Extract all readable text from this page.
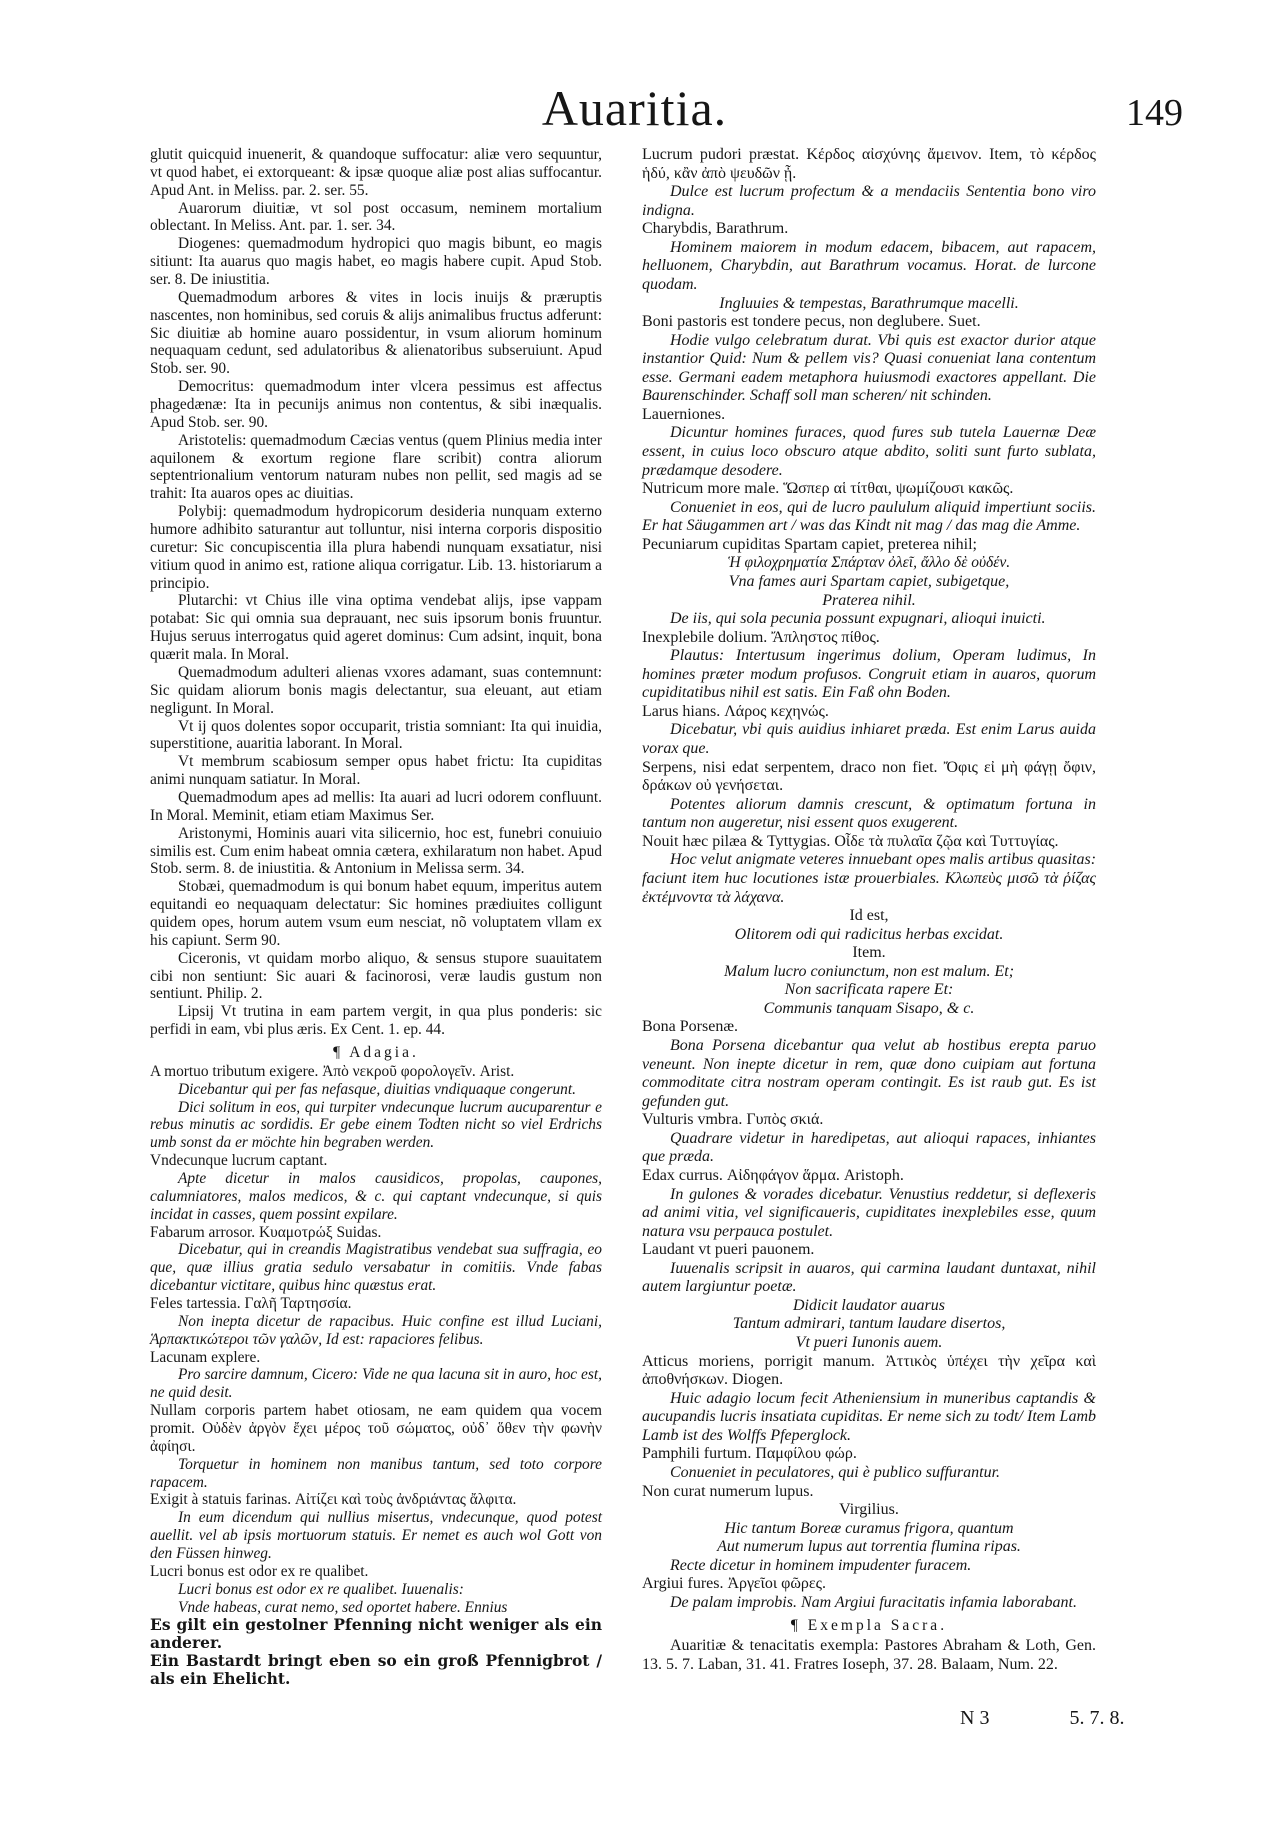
Auaritia.	149

glutit quicquid inuenerit, & quandoque suffocatur: aliæ vero sequuntur, vt quod habet, ei extorqueant: & ipsæ quoque aliæ post alias suffocantur. Apud Ant. in Meliss. par. 2. ser. 55.

Auarorum diuitiæ, vt sol post occasum, neminem mortalium oblectant. In Meliss. Ant. par. 1. ser. 34.

Diogenes: quemadmodum hydropici quo magis bibunt, eo magis sitiunt: Ita auarus quo magis habet, eo magis habere cupit. Apud Stob. ser. 8. De iniustitia.

Quemadmodum arbores & vites in locis inuijs & præruptis nascentes, non hominibus, sed coruis & alijs animalibus fructus adferunt: Sic diuitiæ ab homine auaro possidentur, in vsum aliorum hominum nequaquam cedunt, sed adulatoribus & alienatoribus subseruiunt. Apud Stob. ser. 90.

Democritus: quemadmodum inter vlcera pessimus est affectus phagedænæ: Ita in pecunijs animus non contentus, & sibi inæqualis. Apud Stob. ser. 90.

Aristotelis: quemadmodum Cæcias ventus (quem Plinius media inter aquilonem & exortum regione flare scribit) contra aliorum septentrionalium ventorum naturam nubes non pellit, sed magis ad se trahit: Ita auaros opes ac diuitias.

Polybij: quemadmodum hydropicorum desideria nunquam externo humore adhibito saturantur aut tolluntur, nisi interna corporis dispositio curetur: Sic concupiscentia illa plura habendi nunquam exsatiatur, nisi vitium quod in animo est, ratione aliqua corrigatur. Lib. 13. historiarum a principio.

Plutarchi: vt Chius ille vina optima vendebat alijs, ipse vappam potabat: Sic qui omnia sua deprauant, nec suis ipsorum bonis fruuntur. Hujus seruus interrogatus quid ageret dominus: Cum adsint, inquit, bona quærit mala. In Moral.

Quemadmodum adulteri alienas vxores adamant, suas contemnunt: Sic quidam aliorum bonis magis delectantur, sua eleuant, aut etiam negligunt. In Moral.

Vt ij quos dolentes sopor occuparit, tristia somniant: Ita qui inuidia, superstitione, auaritia laborant. In Moral.

Vt membrum scabiosum semper opus habet frictu: Ita cupiditas animi nunquam satiatur. In Moral.

Quemadmodum apes ad mellis: Ita auari ad lucri odorem confluunt. In Moral. Meminit, etiam etiam Maximus Ser.

Aristonymi, Hominis auari vita silicernio, hoc est, funebri conuiuio similis est. Cum enim habeat omnia cætera, exhilaratum non habet. Apud Stob. serm. 8. de iniustitia. & Antonium in Melissa serm. 34.

Stobæi, quemadmodum is qui bonum habet equum, imperitus autem equitandi eo nequaquam delectatur: Sic homines prædiuites colligunt quidem opes, horum autem vsum eum nesciat, nõ voluptatem vllam ex his capiunt. Serm 90.

Ciceronis, vt quidam morbo aliquo, & sensus stupore suauitatem cibi non sentiunt: Sic auari & facinorosi, veræ laudis gustum non sentiunt. Philip. 2.

Lipsij Vt trutina in eam partem vergit, in qua plus ponderis: sic perfidi in eam, vbi plus æris. Ex Cent. 1. ep. 44.

¶ Adagia.

A mortuo tributum exigere. Ἀπὸ νεκροῦ φορολογεῖν. Arist.

Dicebantur qui per fas nefasque, diuitias vndiquaque congerunt.

Dici solitum in eos, qui turpiter vndecunque lucrum aucuparentur e rebus minutis ac sordidis. Er gebe einem Todten nicht so viel Erdrichs umb sonst da er möchte hin begraben werden.

Vndecunque lucrum captant.

Apte dicetur in malos causidicos, propolas, caupones, calumniatores, malos medicos, & c. qui captant vndecunque, si quis incidat in casses, quem possint expilare.

Fabarum arrosor. Κυαμοτρώξ Suidas.

Dicebatur, qui in creandis Magistratibus vendebat sua suffragia, eo que, quæ illius gratia sedulo versabatur in comitiis. Vnde fabas dicebantur victitare, quibus hinc quæstus erat.

Feles tartessia. Γαλῆ Ταρτησσία.

Non inepta dicetur de rapacibus. Huic confine est illud Luciani, Ἁρπακτικώτεροι τῶν γαλῶν, Id est: rapaciores felibus.

Lacunam explere.

Pro sarcire damnum, Cicero: Vide ne qua lacuna sit in auro, hoc est, ne quid desit.

Nullam corporis partem habet otiosam, ne eam quidem qua vocem promit. Οὐδὲν ἀργὸν ἔχει μέρος τοῦ σώματος, οὐδ᾽ ὅθεν τὴν φωνὴν ἀφίησι.

Torquetur in hominem non manibus tantum, sed toto corpore rapacem.

Exigit à statuis farinas. Αἰτίζει καὶ τοὺς ἀνδριάντας ἄλφιτα.

In eum dicendum qui nullius misertus, vndecunque, quod potest auellit. vel ab ipsis mortuorum statuis. Er nemet es auch wol Gott von den Füssen hinweg.

Lucri bonus est odor ex re qualibet.

Lucri bonus est odor ex re qualibet. Iuuenalis:

Vnde habeas, curat nemo, sed oportet habere. Ennius

Es gilt ein gestolner Pfenning nicht weniger als ein anderer.

Ein Bastardt bringt eben so ein groß Pfennigbrot / als ein Ehelicht.

Lucrum pudori præstat. Κέρδος αἰσχύνης ἄμεινον. Item, τὸ κέρδος ἡδύ, κἂν ἀπὸ ψευδῶν ᾖ.

Dulce est lucrum profectum & a mendaciis Sententia bono viro indigna.

Charybdis, Barathrum.

Hominem maiorem in modum edacem, bibacem, aut rapacem, helluonem, Charybdin, aut Barathrum vocamus. Horat. de lurcone quodam.

Ingluuies & tempestas, Barathrumque macelli.

Boni pastoris est tondere pecus, non deglubere. Suet.

Hodie vulgo celebratum durat. Vbi quis est exactor durior atque instantior Quid: Num & pellem vis? Quasi conueniat lana contentum esse. Germani eadem metaphora huiusmodi exactores appellant. Die Baurenschinder. Schaff soll man scheren/ nit schinden.

Lauerniones.

Dicuntur homines furaces, quod fures sub tutela Lauernæ Deæ essent, in cuius loco obscuro atque abdito, soliti sunt furto sublata, prædamque desodere.

Nutricum more male. Ὥσπερ αἱ τίτθαι, ψωμίζουσι κακῶς.

Conueniet in eos, qui de lucro paululum aliquid impertiunt sociis. Er hat Säugammen art / was das Kindt nit mag / das mag die Amme.

Pecuniarum cupiditas Spartam capiet, preterea nihil;

Ἡ φιλοχρηματία Σπάρταν ὀλεῖ, ἄλλο δὲ οὐδέν.

Vna fames auri Spartam capiet, subigetque,

Praterea nihil.

De iis, qui sola pecunia possunt expugnari, alioqui inuicti.

Inexplebile dolium. Ἄπληστος πίθος.

Plautus: Intertusum ingerimus dolium, Operam ludimus, In homines præter modum profusos. Congruit etiam in auaros, quorum cupiditatibus nihil est satis. Ein Faß ohn Boden.

Larus hians. Λάρος κεχηνώς.

Dicebatur, vbi quis auidius inhiaret præda. Est enim Larus auida vorax que.

Serpens, nisi edat serpentem, draco non fiet. Ὄφις εἰ μὴ φάγῃ ὄφιν, δράκων οὐ γενήσεται.

Potentes aliorum damnis crescunt, & optimatum fortuna in tantum non augeretur, nisi essent quos exugerent.

Nouit hæc pilæa & Tyttygias. Οἶδε τὰ πυλαῖα ζῷα καὶ Τυττυγίας.

Hoc velut anigmate veteres innuebant opes malis artibus quasitas: faciunt item huc locutiones istæ prouerbiales. Κλωπεὺς μισῶ τὰ ῥίζας ἐκτέμνοντα τὰ λάχανα.

Id est,

Olitorem odi qui radicitus herbas excidat.

Item.

Malum lucro coniunctum, non est malum. Et;

Non sacrificata rapere Et:

Communis tanquam Sisapo, & c.

Bona Porsenæ.

Bona Porsena dicebantur qua velut ab hostibus erepta paruo veneunt. Non inepte dicetur in rem, quæ dono cuipiam aut fortuna commoditate citra nostram operam contingit. Es ist raub gut. Es ist gefunden gut.

Vulturis vmbra. Γυπὸς σκιά.

Quadrare videtur in haredipetas, aut alioqui rapaces, inhiantes que præda.

Edax currus. Αἰδηφάγον ἅρμα. Aristoph.

In gulones & vorades dicebatur. Venustius reddetur, si deflexeris ad animi vitia, vel significaueris, cupiditates inexplebiles esse, quum natura vsu perpauca postulet.

Laudant vt pueri pauonem.

Iuuenalis scripsit in auaros, qui carmina laudant duntaxat, nihil autem largiuntur poetæ.

Didicit laudator auarus

Tantum admirari, tantum laudare disertos,

Vt pueri Iunonis auem.

Atticus moriens, porrigit manum. Ἀττικὸς ὑπέχει τὴν χεῖρα καὶ ἀποθνήσκων. Diogen.

Huic adagio locum fecit Atheniensium in muneribus captandis & aucupandis lucris insatiata cupiditas. Er neme sich zu todt/ Item Lamb Lamb ist des Wolffs Pfeperglock.

Pamphili furtum. Παμφίλου φώρ.

Conueniet in peculatores, qui è publico suffurantur.

Non curat numerum lupus.

Virgilius.

Hic tantum Boreæ curamus frigora, quantum

Aut numerum lupus aut torrentia flumina ripas.

Recte dicetur in hominem impudenter furacem.

Argiui fures. Ἀργεῖοι φῶρες.

De palam improbis. Nam Argiui furacitatis infamia laborabant.

¶ Exempla Sacra.

Auaritiæ & tenacitatis exempla: Pastores Abraham & Loth, Gen. 13. 5. 7. Laban, 31. 41. Fratres Ioseph, 37. 28. Balaam, Num. 22.

N 3	5. 7. 8.
